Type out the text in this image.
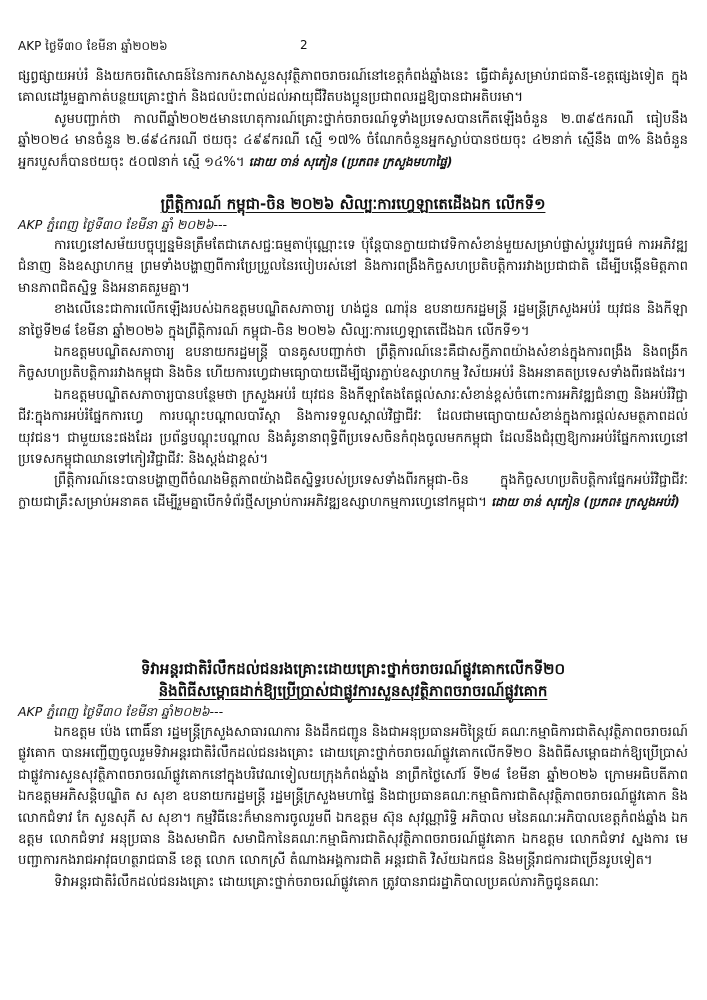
AKP ថ្ងៃទី៣០ ខែមីនា ឆ្នាំ២០២៦	2

ផ្សព្វផ្សាយអប់រំ និងយកចរពិសោធន៍នៃការកសាងសួនសុវត្ថិភាពចរាចរណ៍នៅខេត្តកំពង់ឆ្នាំងនេះ ធ្វើជាគំរូសម្រាប់រាជធានី-ខេត្តផ្សេងទៀត ក្នុងគោលដៅរួមគ្នាកាត់បន្ថយគ្រោះថ្នាក់ និងជលប៉ះពាល់ដល់អាយុជីវិតបងប្អូនប្រជាពលរដ្ឋឱ្យបានជាអតិបរមា។

សូមបញ្ជាក់ថា កាលពីឆ្នាំ២០២៥មានហេតុការណ៍គ្រោះថ្នាក់ចរាចរណ៍ទូទាំងប្រទេសបានកើតឡើងចំនួន ២.៣៩៥ករណី ធៀបនឹងឆ្នាំ២០២៤ មានចំនួន ២.៨៩៤ករណី ថយចុះ ៤៩៩ករណី ស្មើ ១៧% ចំណែកចំនួនអ្នកស្លាប់បានថយចុះ ៤២នាក់ ស្មើនឹង ៣% និងចំនួនអ្នករបួសក៏បានថយចុះ ៥០៧នាក់ ស្មើ ១៤%។ ដោយ ចាន់ សុភៀន (ប្រភព៖ ក្រសួងមហាផ្ទៃ)

ព្រឹត្តិការណ៍ កម្ពុជា-ចិន ២០២៦ សិល្បៈការហ្វេឡាតេដើងឯក លើកទី១

AKP ភ្នំពេញ ថ្ងៃទី៣០ ខែមីនា ឆ្នាំ ២០២៦---

ការហ្វេនៅសម័យបច្ចុប្បន្នមិនត្រឹមតែជាភេសជ្ជៈធម្មតាប៉ុណ្ណោះទេ ប៉ុន្តែបានក្លាយជាវេទិកាសំខាន់មួយសម្រាប់ផ្លាស់ប្តូរវប្បធម៌ ការអភិវឌ្ឍជំនាញ និងឧស្សាហកម្ម ព្រមទាំងបង្ហាញពីការប្រែប្រួលនៃរបៀបរស់នៅ និងការពង្រឹងកិច្ចសហប្រតិបត្តិការរវាងប្រជាជាតិ ដើម្បីបង្កើនមិត្តភាពមានភាពជិតស្និទ្ធ និងអនាគតរួមគ្នា។

ខាងលើនេះជាការលើកឡើងរបស់ឯកឧត្តមបណ្ឌិតសភាចារ្យ ហង់ជួន ណារ៉ុន ឧបនាយករដ្ឋមន្ត្រី រដ្ឋមន្ត្រីក្រសួងអប់រំ យុវជន និងកីឡា នាថ្ងៃទី២៨ ខែមីនា ឆ្នាំ២០២៦ ក្នុងព្រឹត្តិការណ៍ កម្ពុជា-ចិន ២០២៦ សិល្បៈការហ្វេឡាតេជើងឯក លើកទី១។

ឯកឧត្តមបណ្ឌិតសភាចារ្យ ឧបនាយករដ្ឋមន្ត្រី បានគូសបញ្ជាក់ថា ព្រឹត្តិការណ៍នេះគឺជាសក្ខីភាពយ៉ាងសំខាន់ក្នុងការពង្រឹង និងពង្រីកកិច្ចសហប្រតិបត្តិការរវាងកម្ពុជា និងចិន ហើយការហ្វេជាមធ្យោបាយដើម្បីផ្សារភ្ជាប់ឧស្សាហកម្ម វិស័យអប់រំ និងអនាគតប្រទេសទាំងពីរផងដែរ។

ឯកឧត្តមបណ្ឌិតសភាចារ្យបានបន្ថែមថា ក្រសួងអប់រំ យុវជន និងកីឡាតែងតែផ្តល់សារៈសំខាន់ខ្ពស់ចំពោះការអភិវឌ្ឍជំនាញ និងអប់រំវិជ្ជាជីវៈក្នុងការអប់រំផ្នែកការហ្វេ ការបណ្តុះបណ្តាលបារីស្តា និងការទទួលស្គាល់វិជ្ជាជីវៈ ដែលជាមធ្យោបាយសំខាន់ក្នុងការផ្តល់សមត្ថភាពដល់យុវជន។ ជាមួយនេះផងដែរ ប្រព័ន្ធបណ្តុះបណ្តាល និងគំរូនានាពុទ្ធិពីប្រទេសចិនកំពុងចូលមកកម្ពុជា ដែលនឹងជំរុញឱ្យការអប់រំផ្នែកការហ្វេនៅប្រទេសកម្ពុជាឈានទៅកៀរវិជ្ជាជីវៈ និងស្តង់ដាខ្ពស់។

ព្រឹត្តិការណ៍នេះបានបង្ហាញពីចំណងមិត្តភាពយ៉ាងជិតស្និទ្ធរបស់ប្រទេសទាំងពីរកម្ពុជា-ចិន ក្នុងកិច្ចសហប្រតិបត្តិការផ្នែកអប់រំវិជ្ជាជីវៈ ក្លាយជាគ្រឹះសម្រាប់អនាគត ដើម្បីរួមគ្នាបើកទំព័រថ្មីសម្រាប់ការអភិវឌ្ឍឧស្សាហកម្មការហ្វេនៅកម្ពុជា។ ដោយ ចាន់ សុភៀន (ប្រភព៖ ក្រសួងអប់រំ)

ទិវាអន្តរជាតិរំលឹកដល់ជនរងគ្រោះដោយគ្រោះថ្នាក់ចរាចរណ៍ផ្លូវគោកលើកទី២០

និងពិធីសម្ពោធដាក់ឱ្យប្រើប្រាស់ជាផ្លូវការសួនសុវត្ថិភាពចរាចរណ៍ផ្លូវគោក

AKP ភ្នំពេញ ថ្ងៃទី៣០ ខែមីនា ឆ្នាំ២០២៦---

ឯកឧត្តម ប៉េង ពោធិ៍នា រដ្ឋមន្ត្រីក្រសួងសាធារណការ និងដឹកជញ្ជូន និងជាអនុប្រធានអចិន្ត្រៃយ៍ គណៈកម្មាធិការជាតិសុវត្ថិភាពចរាចរណ៍ផ្លូវគោក បានអញ្ជើញចូលរួមទិវាអន្តរជាតិរំលឹកដល់ជនរងគ្រោះ ដោយគ្រោះថ្នាក់ចរាចរណ៍ផ្លូវគោកលើកទី២០ និងពិធីសម្ពោធដាក់ឱ្យប្រើប្រាស់ជាផ្លូវការសួនសុវត្ថិភាពចរាចរណ៍ផ្លូវគោកនៅក្នុងបរិវេណទៀលយក្រុងកំពង់ឆ្នាំង នាព្រឹកថ្ងៃសៅរ៍ ទី២៨ ខែមីនា ឆ្នាំ២០២៦ ក្រោមអធិបតីភាព ឯកឧត្តមអភិសន្តិបណ្ឌិត ស សុខា ឧបនាយករដ្ឋមន្ត្រី រដ្ឋមន្ត្រីក្រសួងមហាផ្ទៃ និងជាប្រធានគណៈកម្មាធិការជាតិសុវត្ថិភាពចរាចរណ៍ផ្លូវគោក និងលោកជំទាវ កែ សួនសុភី ស សុខា។ កម្មវិធីនេះក៏មានការចូលរួមពី ឯកឧត្តម ស៊ុន សុវណ្ណារិទ្ធិ អភិបាល មនៃគណៈអភិបាលខេត្តកំពង់ឆ្នាំង ឯកឧត្តម លោកជំទាវ អនុប្រធាន និងសមាជិក សមាជិកានៃគណៈកម្មាធិការជាតិសុវត្ថិភាពចរាចរណ៍ផ្លូវគោក ឯកឧត្តម លោកជំទាវ ស្នងការ មេបញ្ជាការកងរាជអាវុធហត្ថរាជធានី ខេត្ត លោក លោកស្រី តំណាងអង្គការជាតិ អន្តរជាតិ វិស័យឯកជន និងមន្ត្រីរាជការជាច្រើនរូបទៀត។

ទិវាអន្តរជាតិរំលឹកដល់ជនរងគ្រោះ ដោយគ្រោះថ្នាក់ចរាចរណ៍ផ្លូវគោក ត្រូវបានរាជរដ្ឋាភិបាលប្រគល់ភារកិច្ចជូនគណៈ
